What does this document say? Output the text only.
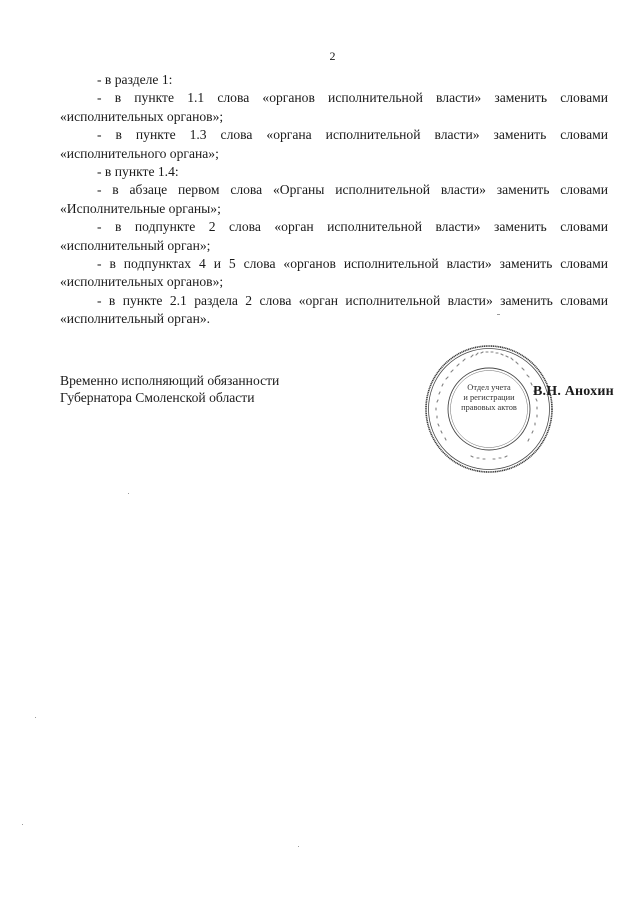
2

- в разделе 1:

- в пункте 1.1 слова «органов исполнительной власти» заменить словами «исполнительных органов»;

- в пункте 1.3 слова «органа исполнительной власти» заменить словами «исполнительного органа»;

- в пункте 1.4:

- в абзаце первом слова «Органы исполнительной власти» заменить словами «Исполнительные органы»;

- в подпункте 2 слова «орган исполнительной власти» заменить словами «исполнительный орган»;

- в подпунктах 4 и 5 слова «органов исполнительной власти» заменить словами «исполнительных органов»;

- в пункте 2.1 раздела 2 слова «орган исполнительной власти» заменить словами «исполнительный орган».

Временно исполняющий обязанности
Губернатора Смоленской области
Отдел учета
и регистрации
правовых актов
В.Н. Анохин
